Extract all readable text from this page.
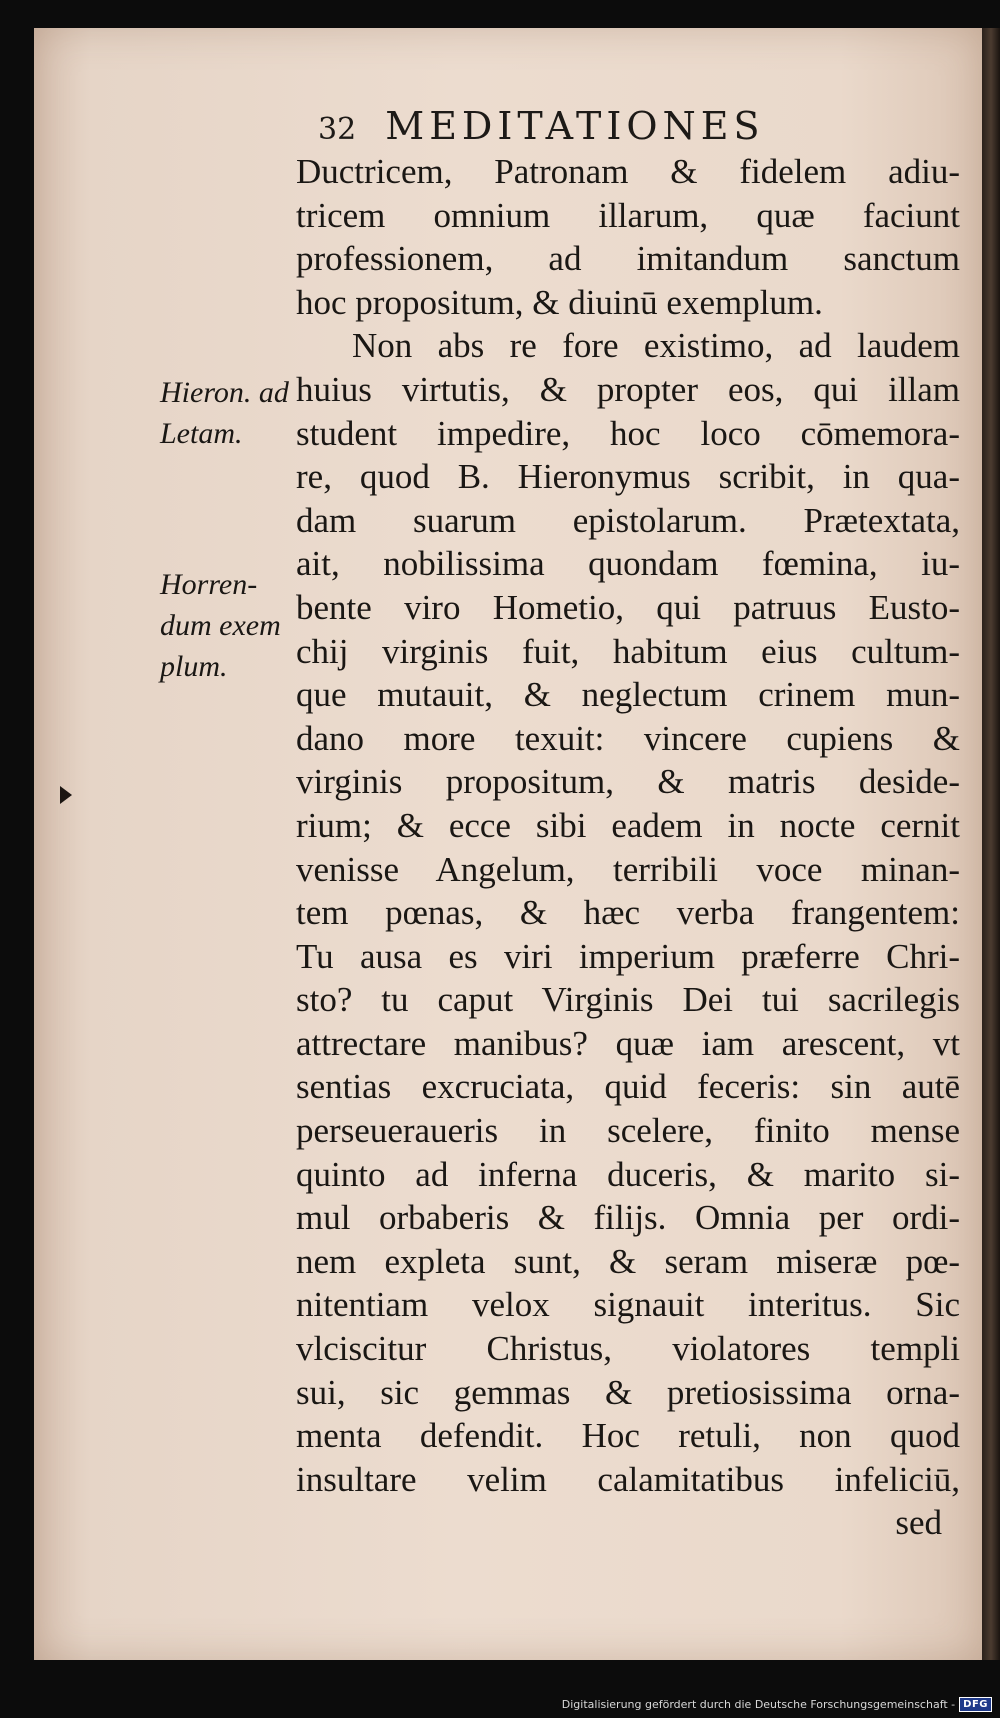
32 MEDITATIONES
Hieron. ad
Letam.
Horren-
dum exem
plum.
Ductricem, Patronam & fidelem adiu-
tricem omnium illarum, quæ faciunt
professionem, ad imitandum sanctum
hoc propositum, & diuinū exemplum.
Non abs re fore existimo, ad laudem
huius virtutis, & propter eos, qui illam
student impedire, hoc loco cōmemora-
re, quod B. Hieronymus scribit, in qua-
dam suarum epistolarum. Prætextata,
ait, nobilissima quondam fœmina, iu-
bente viro Hometio, qui patruus Eusto-
chij virginis fuit, habitum eius cultum-
que mutauit, & neglectum crinem mun-
dano more texuit: vincere cupiens &
virginis propositum, & matris deside-
rium; & ecce sibi eadem in nocte cernit
venisse Angelum, terribili voce minan-
tem pœnas, & hæc verba frangentem:
Tu ausa es viri imperium præferre Chri-
sto? tu caput Virginis Dei tui sacrilegis
attrectare manibus? quæ iam arescent, vt
sentias excruciata, quid feceris: sin autē
perseueraueris in scelere, finito mense
quinto ad inferna duceris, & marito si-
mul orbaberis & filijs. Omnia per ordi-
nem expleta sunt, & seram miseræ pœ-
nitentiam velox signauit interitus. Sic
vlciscitur Christus, violatores templi
sui, sic gemmas & pretiosissima orna-
menta defendit. Hoc retuli, non quod
insultare velim calamitatibus infeliciū,
sed
Digitalisierung gefördert durch die Deutsche Forschungsgemeinschaft - DFG
